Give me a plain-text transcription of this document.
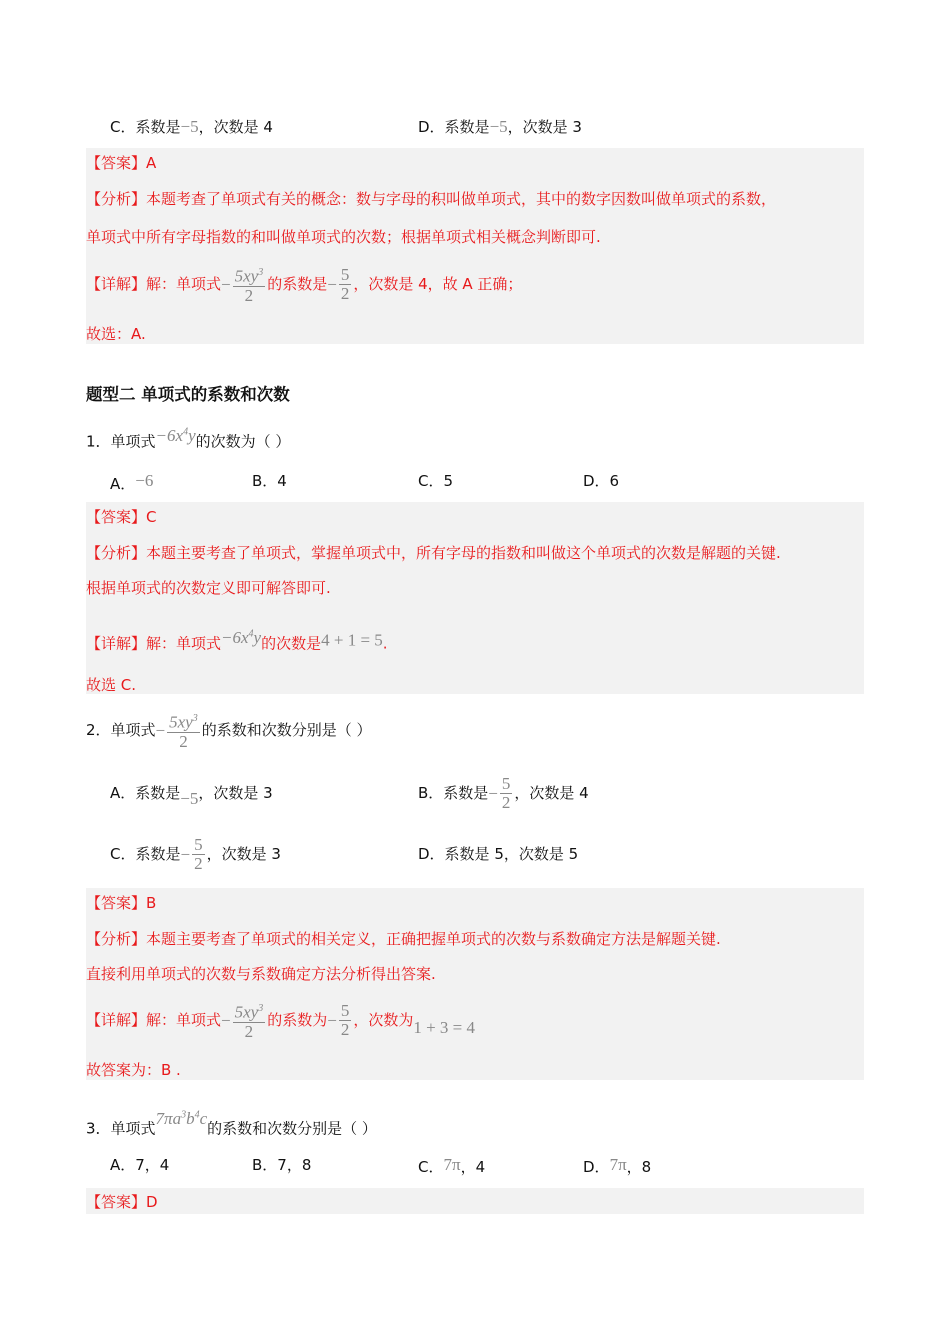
C．系数是−5，次数是 4	D．系数是−5，次数是 3
【答案】A
【分析】本题考查了单项式有关的概念：数与字母的积叫做单项式，其中的数字因数叫做单项式的系数，
单项式中所有字母指数的和叫做单项式的次数；根据单项式相关概念判断即可.
【详解】解：单项式− $\frac{5xy^3}{2}$ 的系数是− $\frac{5}{2}$ ，次数是 4，故 A 正确；
故选：A.
题型二 单项式的系数和次数
1．单项式$-6x^4y$的次数为（ ）
A．−6	B．4	C．5	D．6
【答案】C
【分析】本题主要考查了单项式，掌握单项式中，所有字母的指数和叫做这个单项式的次数是解题的关键.
根据单项式的次数定义即可解答即可.
【详解】解：单项式$-6x^4y$的次数是4 + 1 = 5.
故选 C.
2．单项式− $\frac{5xy^3}{2}$ 的系数和次数分别是（ ）
A．系数是−5，次数是 3	B．系数是− $\frac{5}{2}$ ，次数是 4
C．系数是− $\frac{5}{2}$ ，次数是 3	D．系数是 5，次数是 5
【答案】B
【分析】本题主要考查了单项式的相关定义，正确把握单项式的次数与系数确定方法是解题关键.
直接利用单项式的次数与系数确定方法分析得出答案.
【详解】解：单项式− $\frac{5xy^3}{2}$ 的系数为− $\frac{5}{2}$ ，次数为1 + 3 = 4
故答案为：B .
3．单项式$7\pi a^3b^4c$的系数和次数分别是（ ）
A．7，4	B．7，8	C．7π，4	D．7π，8
【答案】D
